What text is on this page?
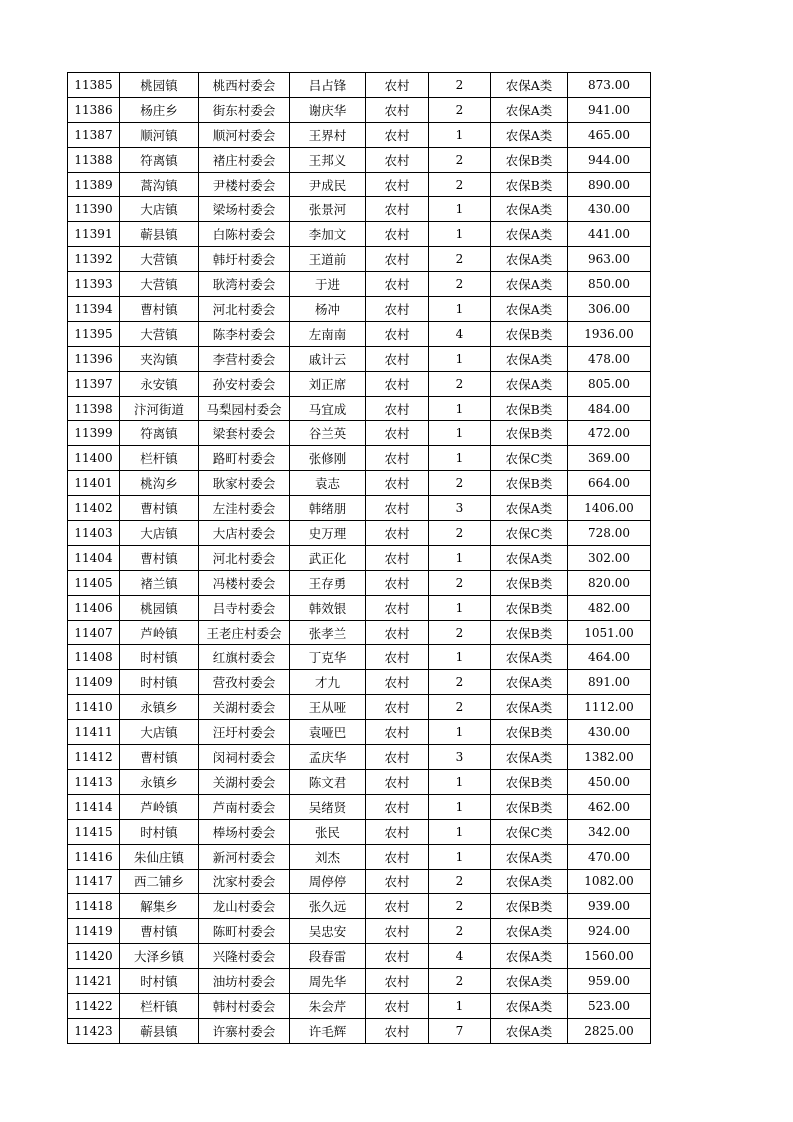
11385	桃园镇	桃西村委会	吕占锋	农村	2	农保A类	873.00
11386	杨庄乡	街东村委会	谢庆华	农村	2	农保A类	941.00
11387	顺河镇	顺河村委会	王界村	农村	1	农保A类	465.00
11388	符离镇	褚庄村委会	王邦义	农村	2	农保B类	944.00
11389	蒿沟镇	尹楼村委会	尹成民	农村	2	农保B类	890.00
11390	大店镇	梁场村委会	张景河	农村	1	农保A类	430.00
11391	蕲县镇	白陈村委会	李加文	农村	1	农保A类	441.00
11392	大营镇	韩圩村委会	王道前	农村	2	农保A类	963.00
11393	大营镇	耿湾村委会	于进	农村	2	农保A类	850.00
11394	曹村镇	河北村委会	杨冲	农村	1	农保A类	306.00
11395	大营镇	陈李村委会	左南南	农村	4	农保B类	1936.00
11396	夹沟镇	李营村委会	戚计云	农村	1	农保A类	478.00
11397	永安镇	孙安村委会	刘正席	农村	2	农保A类	805.00
11398	汴河街道	马梨园村委会	马宜成	农村	1	农保B类	484.00
11399	符离镇	梁套村委会	谷兰英	农村	1	农保B类	472.00
11400	栏杆镇	路町村委会	张修刚	农村	1	农保C类	369.00
11401	桃沟乡	耿家村委会	袁志	农村	2	农保B类	664.00
11402	曹村镇	左洼村委会	韩绪朋	农村	3	农保A类	1406.00
11403	大店镇	大店村委会	史万理	农村	2	农保C类	728.00
11404	曹村镇	河北村委会	武正化	农村	1	农保A类	302.00
11405	褚兰镇	冯楼村委会	王存勇	农村	2	农保B类	820.00
11406	桃园镇	吕寺村委会	韩效银	农村	1	农保B类	482.00
11407	芦岭镇	王老庄村委会	张孝兰	农村	2	农保B类	1051.00
11408	时村镇	红旗村委会	丁克华	农村	1	农保A类	464.00
11409	时村镇	营孜村委会	才九	农村	2	农保A类	891.00
11410	永镇乡	关湖村委会	王从哑	农村	2	农保A类	1112.00
11411	大店镇	汪圩村委会	袁哑巴	农村	1	农保B类	430.00
11412	曹村镇	闵祠村委会	孟庆华	农村	3	农保A类	1382.00
11413	永镇乡	关湖村委会	陈文君	农村	1	农保B类	450.00
11414	芦岭镇	芦南村委会	吴绪贤	农村	1	农保B类	462.00
11415	时村镇	棒场村委会	张民	农村	1	农保C类	342.00
11416	朱仙庄镇	新河村委会	刘杰	农村	1	农保A类	470.00
11417	西二铺乡	沈家村委会	周停停	农村	2	农保A类	1082.00
11418	解集乡	龙山村委会	张久远	农村	2	农保B类	939.00
11419	曹村镇	陈町村委会	吴忠安	农村	2	农保A类	924.00
11420	大泽乡镇	兴隆村委会	段春雷	农村	4	农保A类	1560.00
11421	时村镇	油坊村委会	周先华	农村	2	农保A类	959.00
11422	栏杆镇	韩村村委会	朱会芹	农村	1	农保A类	523.00
11423	蕲县镇	许寨村委会	许毛辉	农村	7	农保A类	2825.00
